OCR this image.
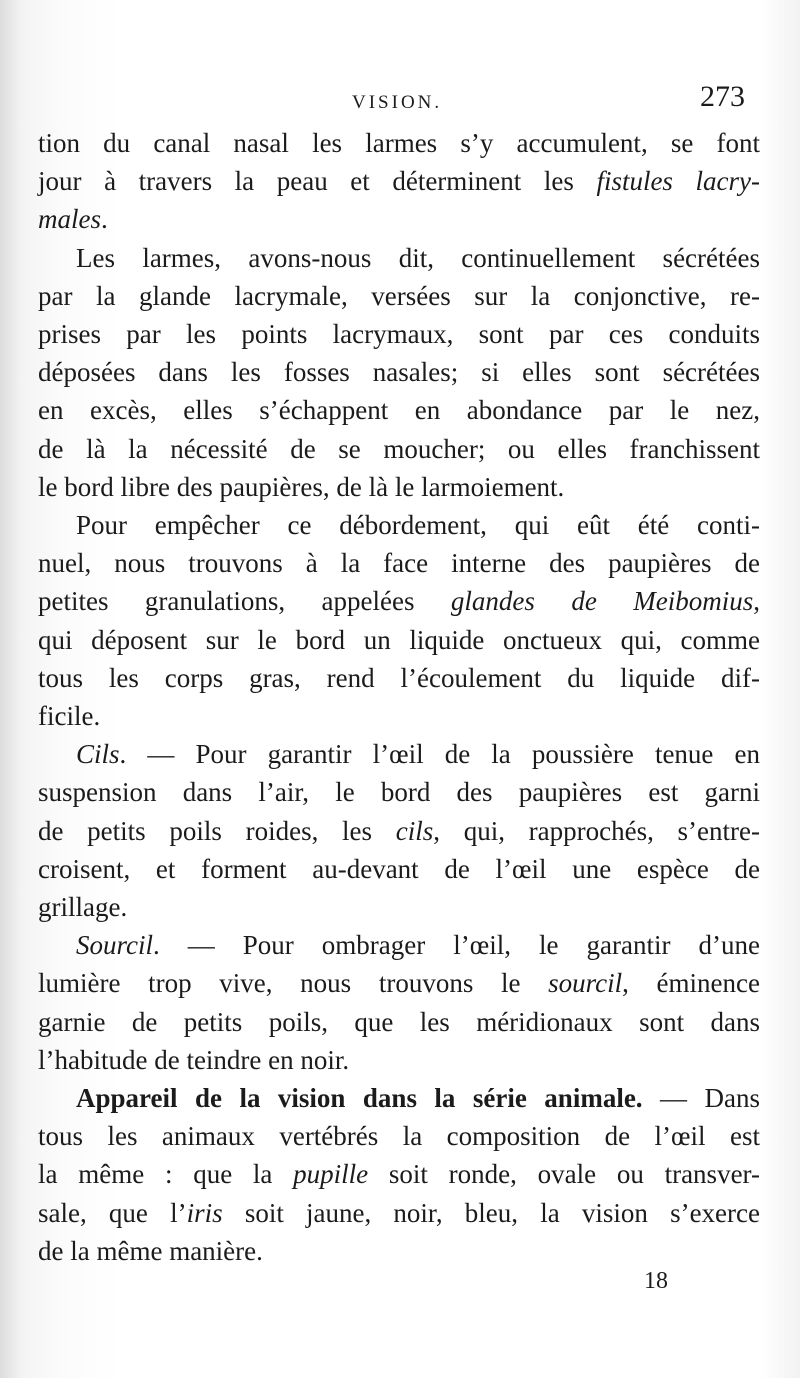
VISION.	273
tion du canal nasal les larmes s’y accumulent, se font
jour à travers la peau et déterminent les fistules lacry-
males.
Les larmes, avons-nous dit, continuellement sécrétées
par la glande lacrymale, versées sur la conjonctive, re-
prises par les points lacrymaux, sont par ces conduits
déposées dans les fosses nasales; si elles sont sécrétées
en excès, elles s’échappent en abondance par le nez,
de là la nécessité de se moucher; ou elles franchissent
le bord libre des paupières, de là le larmoiement.
Pour empêcher ce débordement, qui eût été conti-
nuel, nous trouvons à la face interne des paupières de
petites granulations, appelées glandes de Meibomius,
qui déposent sur le bord un liquide onctueux qui, comme
tous les corps gras, rend l’écoulement du liquide dif-
ficile.
Cils. — Pour garantir l’œil de la poussière tenue en
suspension dans l’air, le bord des paupières est garni
de petits poils roides, les cils, qui, rapprochés, s’entre-
croisent, et forment au-devant de l’œil une espèce de
grillage.
Sourcil. — Pour ombrager l’œil, le garantir d’une
lumière trop vive, nous trouvons le sourcil, éminence
garnie de petits poils, que les méridionaux sont dans
l’habitude de teindre en noir.
Appareil de la vision dans la série animale. — Dans
tous les animaux vertébrés la composition de l’œil est
la même : que la pupille soit ronde, ovale ou transver-
sale, que l’iris soit jaune, noir, bleu, la vision s’exerce
de la même manière.
18
